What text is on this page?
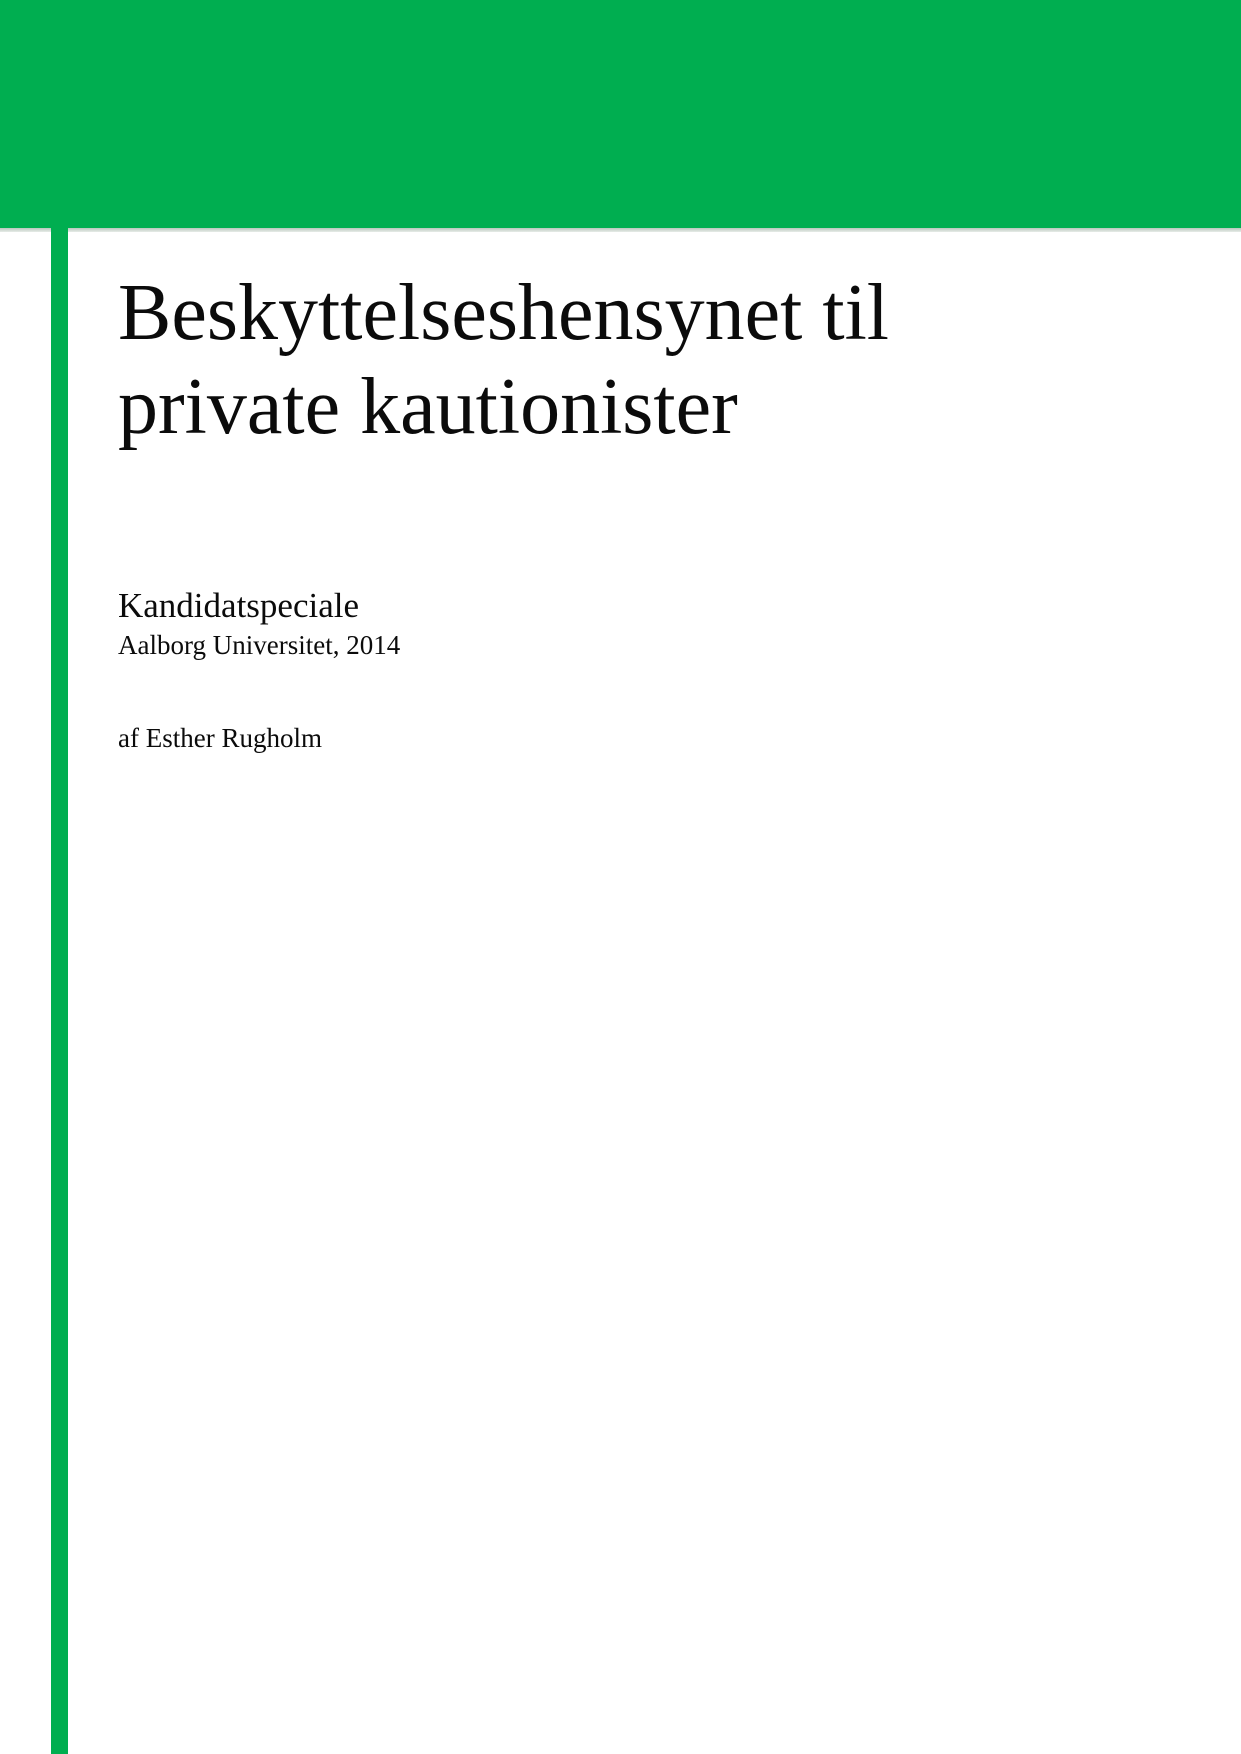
Beskyttelseshensynet til
private kautionister
Kandidatspeciale
Aalborg Universitet, 2014
af Esther Rugholm
